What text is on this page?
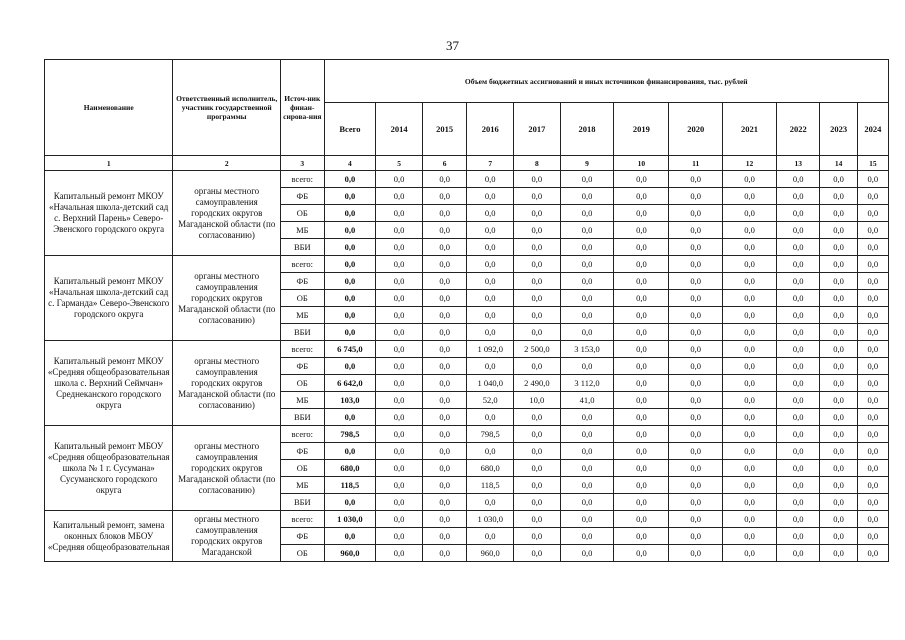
37
Наименование	Ответственный исполнитель, участник государственной программы	Источ-ник финан-сирова-ния	Объем бюджетных ассигнований и иных источников финансирования, тыс. рублей											
			Всего	2014	2015	2016	2017	2018	2019	2020	2021	2022	2023	2024
1	2	3	4	5	6	7	8	9	10	11	12	13	14	15

Капитальный ремонт МКОУ «Начальная школа-детский сад с. Верхний Парень» Северо-Эвенского городского округа	органы местного самоуправления городских округов Магаданской области (по согласованию)	всего:	0,0	0,0	0,0	0,0	0,0	0,0	0,0	0,0	0,0	0,0	0,0	0,0
		ФБ	0,0	0,0	0,0	0,0	0,0	0,0	0,0	0,0	0,0	0,0	0,0	0,0
		ОБ	0,0	0,0	0,0	0,0	0,0	0,0	0,0	0,0	0,0	0,0	0,0	0,0
		МБ	0,0	0,0	0,0	0,0	0,0	0,0	0,0	0,0	0,0	0,0	0,0	0,0
		ВБИ	0,0	0,0	0,0	0,0	0,0	0,0	0,0	0,0	0,0	0,0	0,0	0,0

Капитальный ремонт МКОУ «Начальная школа-детский сад с. Гарманда» Северо-Эвенского городского округа	органы местного самоуправления городских округов Магаданской области (по согласованию)	всего:	0,0	0,0	0,0	0,0	0,0	0,0	0,0	0,0	0,0	0,0	0,0	0,0
		ФБ	0,0	0,0	0,0	0,0	0,0	0,0	0,0	0,0	0,0	0,0	0,0	0,0
		ОБ	0,0	0,0	0,0	0,0	0,0	0,0	0,0	0,0	0,0	0,0	0,0	0,0
		МБ	0,0	0,0	0,0	0,0	0,0	0,0	0,0	0,0	0,0	0,0	0,0	0,0
		ВБИ	0,0	0,0	0,0	0,0	0,0	0,0	0,0	0,0	0,0	0,0	0,0	0,0

Капитальный ремонт МКОУ «Средняя общеобразовательная школа с. Верхний Сеймчан» Среднеканского городского округа	органы местного самоуправления городских округов Магаданской области (по согласованию)	всего:	6 745,0	0,0	0,0	1 092,0	2 500,0	3 153,0	0,0	0,0	0,0	0,0	0,0	0,0
		ФБ	0,0	0,0	0,0	0,0	0,0	0,0	0,0	0,0	0,0	0,0	0,0	0,0
		ОБ	6 642,0	0,0	0,0	1 040,0	2 490,0	3 112,0	0,0	0,0	0,0	0,0	0,0	0,0
		МБ	103,0	0,0	0,0	52,0	10,0	41,0	0,0	0,0	0,0	0,0	0,0	0,0
		ВБИ	0,0	0,0	0,0	0,0	0,0	0,0	0,0	0,0	0,0	0,0	0,0	0,0

Капитальный ремонт МБОУ «Средняя общеобразовательная школа № 1 г. Сусумана» Сусуманского городского округа	органы местного самоуправления городских округов Магаданской области (по согласованию)	всего:	798,5	0,0	0,0	798,5	0,0	0,0	0,0	0,0	0,0	0,0	0,0	0,0
		ФБ	0,0	0,0	0,0	0,0	0,0	0,0	0,0	0,0	0,0	0,0	0,0	0,0
		ОБ	680,0	0,0	0,0	680,0	0,0	0,0	0,0	0,0	0,0	0,0	0,0	0,0
		МБ	118,5	0,0	0,0	118,5	0,0	0,0	0,0	0,0	0,0	0,0	0,0	0,0
		ВБИ	0,0	0,0	0,0	0,0	0,0	0,0	0,0	0,0	0,0	0,0	0,0	0,0

Капитальный ремонт, замена оконных блоков МБОУ «Средняя общеобразовательная	органы местного самоуправления городских округов Магаданской	всего:	1 030,0	0,0	0,0	1 030,0	0,0	0,0	0,0	0,0	0,0	0,0	0,0	0,0
		ФБ	0,0	0,0	0,0	0,0	0,0	0,0	0,0	0,0	0,0	0,0	0,0	0,0
		ОБ	960,0	0,0	0,0	960,0	0,0	0,0	0,0	0,0	0,0	0,0	0,0	0,0
